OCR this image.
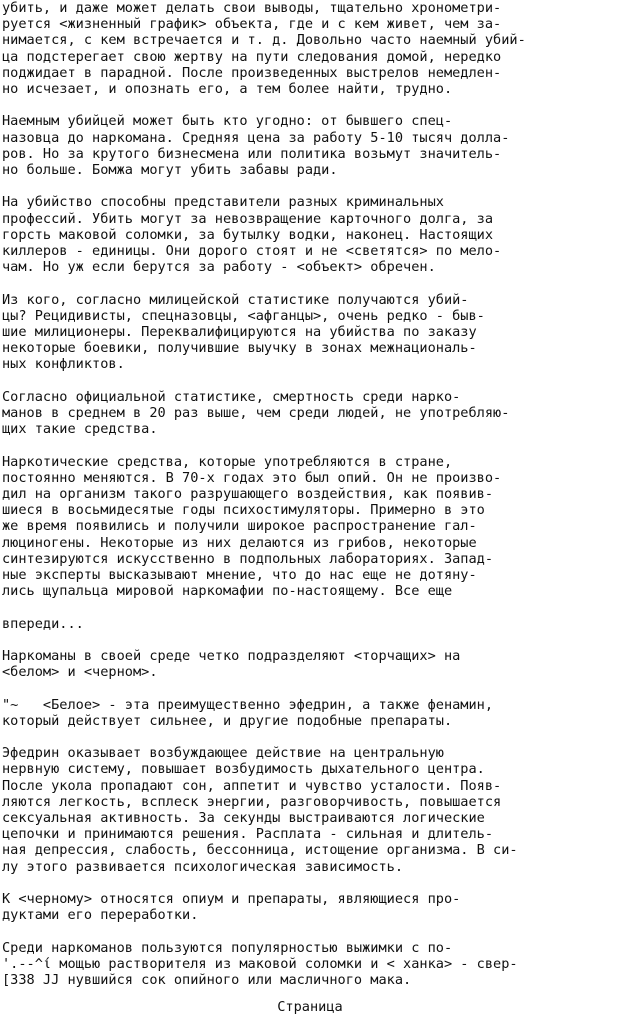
убить, и даже может делать свои выводы, тщательно хронометри-
руется <жизненный график> объекта, где и с кем живет, чем за-
нимается, с кем встречается и т. д. Довольно часто наемный убий-
ца подстерегает свою жертву на пути следования домой, нередко
поджидает в парадной. После произведенных выстрелов немедлен-
но исчезает, и опознать его, а тем более найти, трудно.
Наемным убийцей может быть кто угодно: от бывшего спец-
назовца до наркомана. Средняя цена за работу 5-10 тысяч долла-
ров. Но за крутого бизнесмена или политика возьмут значитель-
но больше. Бомжа могут убить забавы ради.
На убийство способны представители разных криминальных
профессий. Убить могут за невозвращение карточного долга, за
горсть маковой соломки, за бутылку водки, наконец. Настоящих
киллеров - единицы. Они дорого стоят и не <светятся> по мело-
чам. Но уж если берутся за работу - <объект> обречен.
Из кого, согласно милицейской статистике получаются убий-
цы? Рецидивисты, спецназовцы, <афганцы>, очень редко - быв-
шие милиционеры. Переквалифицируются на убийства по заказу
некоторые боевики, получившие выучку в зонах межнациональ-
ных конфликтов.
Согласно официальной статистике, смертность среди нарко-
манов в среднем в 20 раз выше, чем среди людей, не употребляю-
щих такие средства.
Наркотические средства, которые употребляются в стране,
постоянно меняются. В 70-х годах это был опий. Он не произво-
дил на организм такого разрушающего воздействия, как появив-
шиеся в восьмидесятые годы психостимуляторы. Примерно в это
же время появились и получили широкое распространение гал-
люциногены. Некоторые из них делаются из грибов, некоторые
синтезируются искусственно в подпольных лабораториях. Запад-
ные эксперты высказывают мнение, что до нас еще не дотяну-
лись щупальца мировой наркомафии по-настоящему. Все еще
впереди...
Наркоманы в своей среде четко подразделяют <торчащих> на
<белом> и <черном>.
"~   <Белое> - эта преимущественно эфедрин, а также фенамин,
который действует сильнее, и другие подобные препараты.
Эфедрин оказывает возбуждающее действие на центральную
нервную систему, повышает возбудимость дыхательного центра.
После укола пропадают сон, аппетит и чувство усталости. Появ-
ляются легкость, всплеск энергии, разговорчивость, повышается
сексуальная активность. За секунды выстраиваются логические
цепочки и принимаются решения. Расплата - сильная и длитель-
ная депрессия, слабость, бессонница, истощение организма. В си-
лу этого развивается психологическая зависимость.
К <черному> относятся опиум и препараты, являющиеся про-
дуктами его переработки.
Среди наркоманов пользуются популярностью выжимки с по-
'.--^ί мощью растворителя из маковой соломки и < ханка> - свер-
[338 JJ нувшийся сок опийного или масличного мака.
Страница
